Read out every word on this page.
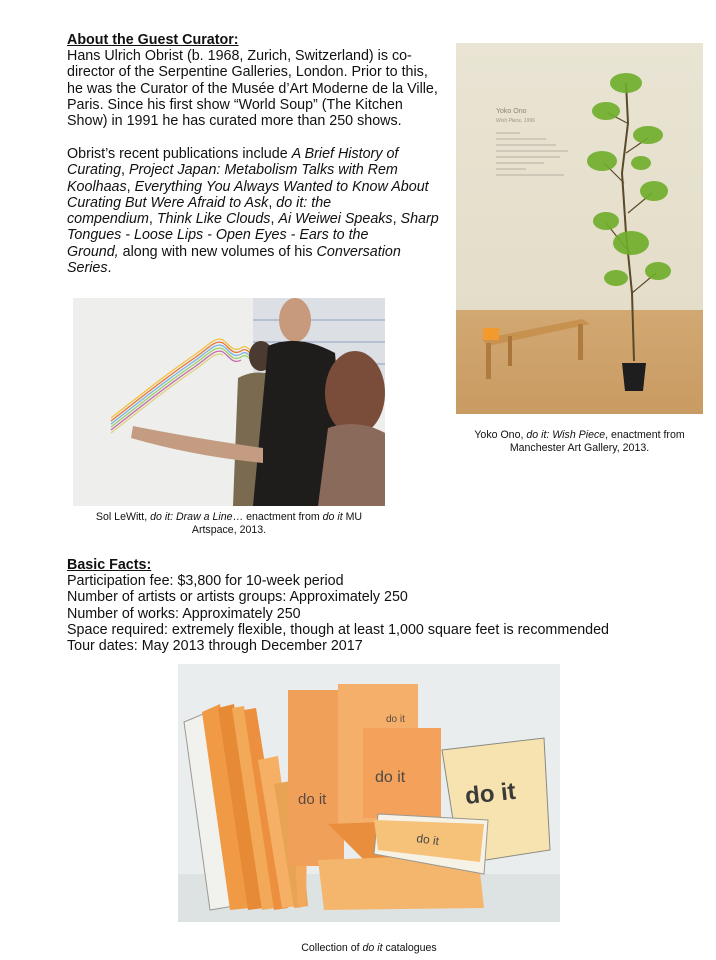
About the Guest Curator:
Hans Ulrich Obrist (b. 1968, Zurich, Switzerland) is co-
director of the Serpentine Galleries, London. Prior to this,
he was the Curator of the Musée d’Art Moderne de la Ville,
Paris. Since his first show “World Soup” (The Kitchen
Show) in 1991 he has curated more than 250 shows.
Obrist’s recent publications include A Brief History of
Curating, Project Japan: Metabolism Talks with Rem
Koolhaas, Everything You Always Wanted to Know About
Curating But Were Afraid to Ask, do it: the
compendium, Think Like Clouds, Ai Weiwei Speaks, Sharp
Tongues - Loose Lips - Open Eyes - Ears to the
Ground, along with new volumes of his Conversation
Series.
Yoko Ono
Wish Piece, 1996
Yoko Ono, do it: Wish Piece, enactment from
Manchester Art Gallery, 2013.
Sol LeWitt, do it: Draw a Line… enactment from do it MU
Artspace, 2013.
Basic Facts:
Participation fee: $3,800 for 10-week period
Number of artists or artists groups: Approximately 250
Number of works: Approximately 250
Space required: extremely flexible, though at least 1,000 square feet is recommended
Tour dates: May 2013 through December 2017
do it
do it
do it
do it
do it
Collection of do it catalogues
